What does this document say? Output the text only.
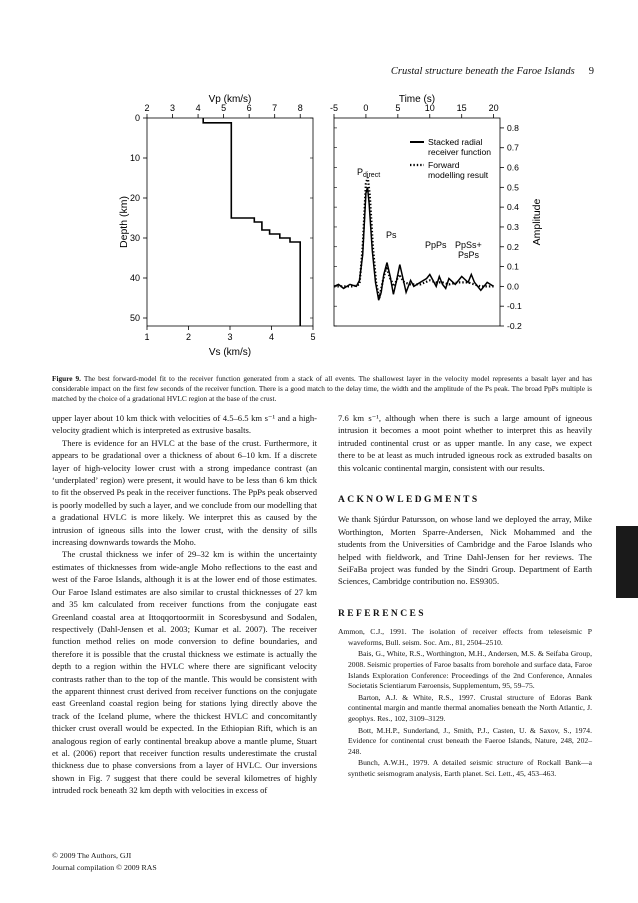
Crustal structure beneath the Faroe Islands 9
Vp (km/s)
2 3 4 5 6 7 8
1	2	3	4	5
0
10
20
30
40
50
Vs (km/s)
Depth (km)
Time (s)
-5	0	5	10 15 20
0.8
0.7
0.6
0.5
0.4
0.3
0.2
0.1
0.0
-0.1
-0.2
Amplitude
Stacked radial
receiver function
Forward
modelling result
$P_{direct}$
Ps
PpPs PpSs+
PsPs
Figure 9. The best forward-model fit to the receiver function generated from a stack of all events. The shallowest layer in the velocity model represents a basalt layer and has considerable impact on the first few seconds of the receiver function. There is a good match to the delay time, the width and the amplitude of the Ps peak. The broad PpPs multiple is matched by the choice of a gradational HVLC region at the base of the crust.

upper layer about 10 km thick with velocities of 4.5–6.5 km s⁻¹ and a high-velocity gradient which is interpreted as extrusive basalts.

There is evidence for an HVLC at the base of the crust. Furthermore, it appears to be gradational over a thickness of about 6–10 km. If a discrete layer of high-velocity lower crust with a strong impedance contrast (an ‘underplated’ region) were present, it would have to be less than 6 km thick to fit the observed Ps peak in the receiver functions. The PpPs peak observed is poorly modelled by such a layer, and we conclude from our modelling that a gradational HVLC is more likely. We interpret this as caused by the intrusion of igneous sills into the lower crust, with the density of sills increasing downwards towards the Moho.

The crustal thickness we infer of 29–32 km is within the uncertainty estimates of thicknesses from wide-angle Moho reflections to the east and west of the Faroe Islands, although it is at the lower end of those estimates. Our Faroe Island estimates are also similar to crustal thicknesses of 27 km and 35 km calculated from receiver functions from the conjugate east Greenland coastal area at Ittoqqortoormiit in Scoresbysund and Sodalen, respectively (Dahl-Jensen et al. 2003; Kumar et al. 2007). The receiver function method relies on mode conversion to define boundaries, and therefore it is possible that the crustal thickness we estimate is actually the depth to a region within the HVLC where there are significant velocity contrasts rather than to the top of the mantle. This would be consistent with the apparent thinnest crust derived from receiver functions on the conjugate east Greenland coastal region being for stations lying directly above the track of the Iceland plume, where the thickest HVLC and concomitantly thicker crust overall would be expected. In the Ethiopian Rift, which is an analogous region of early continental breakup above a mantle plume, Stuart et al. (2006) report that receiver function results underestimate the crustal thickness due to phase conversions from a layer of HVLC. Our inversions shown in Fig. 7 suggest that there could be several kilometres of highly intruded rock beneath 32 km depth with velocities in excess of

7.6 km s⁻¹, although when there is such a large amount of igneous intrusion it becomes a moot point whether to interpret this as heavily intruded continental crust or as upper mantle. In any case, we expect there to be at least as much intruded igneous rock as extruded basalts on this volcanic continental margin, consistent with our results.

ACKNOWLEDGMENTS

We thank Sjúrdur Patursson, on whose land we deployed the array, Mike Worthington, Morten Sparre-Andersen, Nick Mohammed and the students from the Universities of Cambridge and the Faroe Islands who helped with fieldwork, and Trine Dahl-Jensen for her reviews. The SeiFaBa project was funded by the Sindri Group. Department of Earth Sciences, Cambridge contribution no. ES9305.

REFERENCES

Ammon, C.J., 1991. The isolation of receiver effects from teleseismic P waveforms, Bull. seism. Soc. Am., 81, 2504–2510.

Bais, G., White, R.S., Worthington, M.H., Andersen, M.S. & Seifaba Group, 2008. Seismic properties of Faroe basalts from borehole and surface data, Faroe Islands Exploration Conference: Proceedings of the 2nd Conference, Annales Societatis Scientiarum Færoensis, Supplementum, 95, 59–75.

Barton, A.J. & White, R.S., 1997. Crustal structure of Edoras Bank continental margin and mantle thermal anomalies beneath the North Atlantic, J. geophys. Res., 102, 3109–3129.

Bott, M.H.P., Sunderland, J., Smith, P.J., Casten, U. & Saxov, S., 1974. Evidence for continental crust beneath the Faeroe Islands, Nature, 248, 202–248.

Bunch, A.W.H., 1979. A detailed seismic structure of Rockall Bank—a synthetic seismogram analysis, Earth planet. Sci. Lett., 45, 453–463.

© 2009 The Authors, GJI
Journal compilation © 2009 RAS
